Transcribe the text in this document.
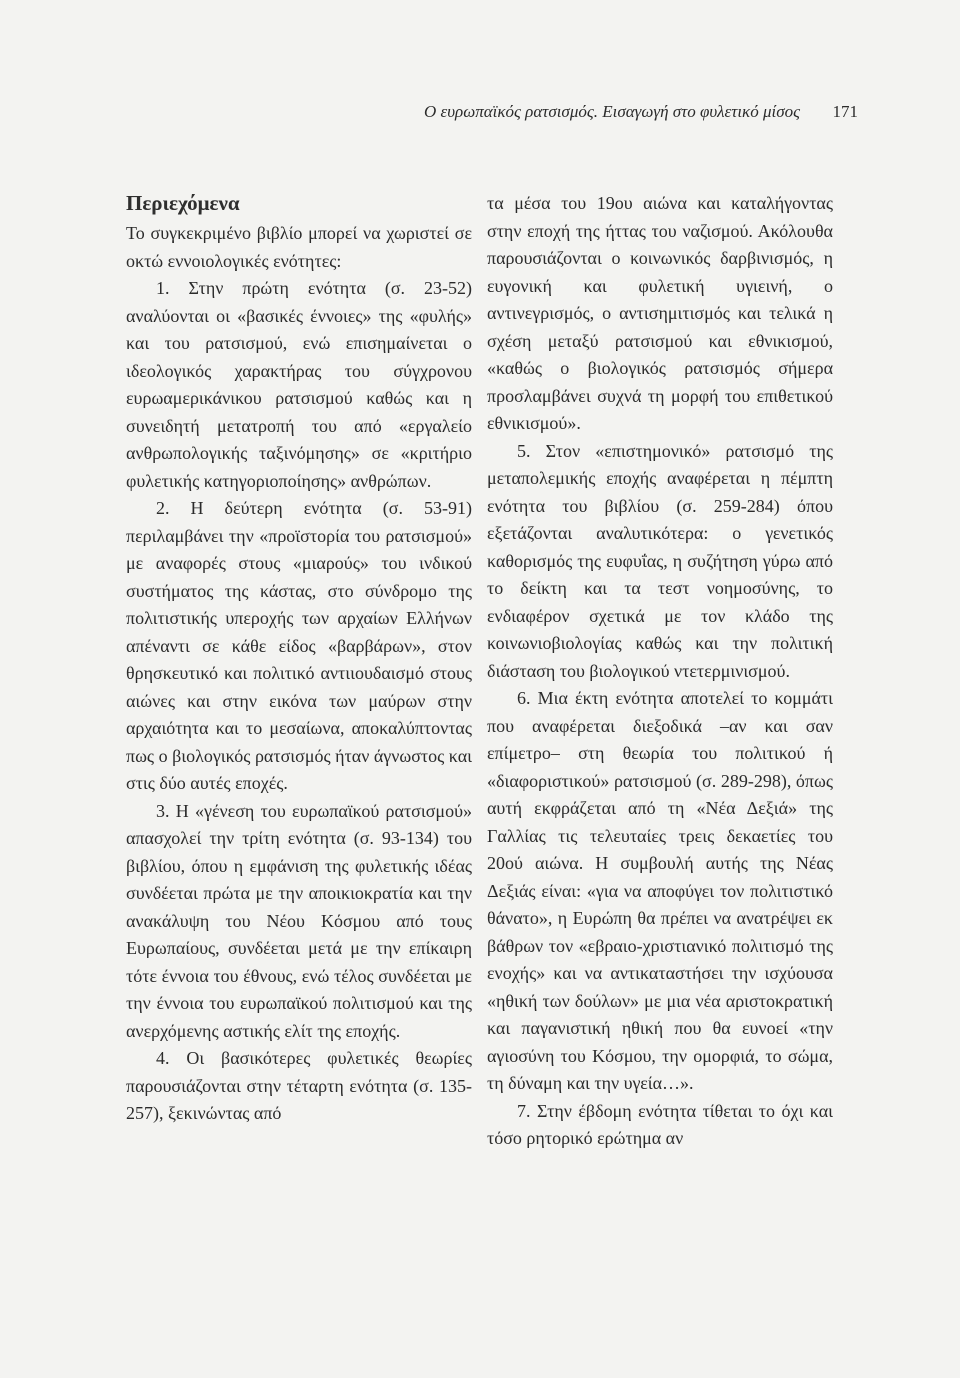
Ο ευρωπαϊκός ρατσισμός. Εισαγωγή στο φυλετικό μίσος 171
Περιεχόμενα

Το συγκεκριμένο βιβλίο μπορεί να χωριστεί σε οκτώ εννοιολογικές ενότητες:

1. Στην πρώτη ενότητα (σ. 23-52) αναλύονται οι «βασικές έννοιες» της «φυλής» και του ρατσισμού, ενώ επισημαίνεται ο ιδεολογικός χαρακτήρας του σύγχρονου ευρωαμερικάνικου ρατσισμού καθώς και η συνειδητή μετατροπή του από «εργαλείο ανθρωπολογικής ταξινόμησης» σε «κριτήριο φυλετικής κατηγοριοποίησης» ανθρώπων.

2. Η δεύτερη ενότητα (σ. 53-91) περιλαμβάνει την «προϊστορία του ρατσισμού» με αναφορές στους «μιαρούς» του ινδικού συστήματος της κάστας, στο σύνδρομο της πολιτιστικής υπεροχής των αρχαίων Ελλήνων απέναντι σε κάθε είδος «βαρβάρων», στον θρησκευτικό και πολιτικό αντιιουδαισμό στους αιώνες και στην εικόνα των μαύρων στην αρχαιότητα και το μεσαίωνα, αποκαλύπτοντας πως ο βιολογικός ρατσισμός ήταν άγνωστος και στις δύο αυτές εποχές.

3. Η «γένεση του ευρωπαϊκού ρατσισμού» απασχολεί την τρίτη ενότητα (σ. 93-134) του βιβλίου, όπου η εμφάνιση της φυλετικής ιδέας συνδέεται πρώτα με την αποικιοκρατία και την ανακάλυψη του Νέου Κόσμου από τους Ευρωπαίους, συνδέεται μετά με την επίκαιρη τότε έννοια του έθνους, ενώ τέλος συνδέεται με την έννοια του ευρωπαϊκού πολιτισμού και της ανερχόμενης αστικής ελίτ της εποχής.

4. Οι βασικότερες φυλετικές θεωρίες παρουσιάζονται στην τέταρτη ενότητα (σ. 135-257), ξεκινώντας από

τα μέσα του 19ου αιώνα και καταλήγοντας στην εποχή της ήττας του ναζισμού. Ακόλουθα παρουσιάζονται ο κοινωνικός δαρβινισμός, η ευγονική και φυλετική υγιεινή, ο αντινεγρισμός, ο αντισημιτισμός και τελικά η σχέση μεταξύ ρατσισμού και εθνικισμού, «καθώς ο βιολογικός ρατσισμός σήμερα προσλαμβάνει συχνά τη μορφή του επιθετικού εθνικισμού».

5. Στον «επιστημονικό» ρατσισμό της μεταπολεμικής εποχής αναφέρεται η πέμπτη ενότητα του βιβλίου (σ. 259-284) όπου εξετάζονται αναλυτικότερα: ο γενετικός καθορισμός της ευφυΐας, η συζήτηση γύρω από το δείκτη και τα τεστ νοημοσύνης, το ενδιαφέρον σχετικά με τον κλάδο της κοινωνιοβιολογίας καθώς και την πολιτική διάσταση του βιολογικού ντετερμινισμού.

6. Μια έκτη ενότητα αποτελεί το κομμάτι που αναφέρεται διεξοδικά –αν και σαν επίμετρο– στη θεωρία του πολιτικού ή «διαφοριστικού» ρατσισμού (σ. 289-298), όπως αυτή εκφράζεται από τη «Νέα Δεξιά» της Γαλλίας τις τελευταίες τρεις δεκαετίες του 20ού αιώνα. Η συμβουλή αυτής της Νέας Δεξιάς είναι: «για να αποφύγει τον πολιτιστικό θάνατο», η Ευρώπη θα πρέπει να ανατρέψει εκ βάθρων τον «εβραιο-χριστιανικό πολιτισμό της ενοχής» και να αντικαταστήσει την ισχύουσα «ηθική των δούλων» με μια νέα αριστοκρατική και παγανιστική ηθική που θα ευνοεί «την αγιοσύνη του Κόσμου, την ομορφιά, το σώμα, τη δύναμη και την υγεία…».

7. Στην έβδομη ενότητα τίθεται το όχι και τόσο ρητορικό ερώτημα αν
